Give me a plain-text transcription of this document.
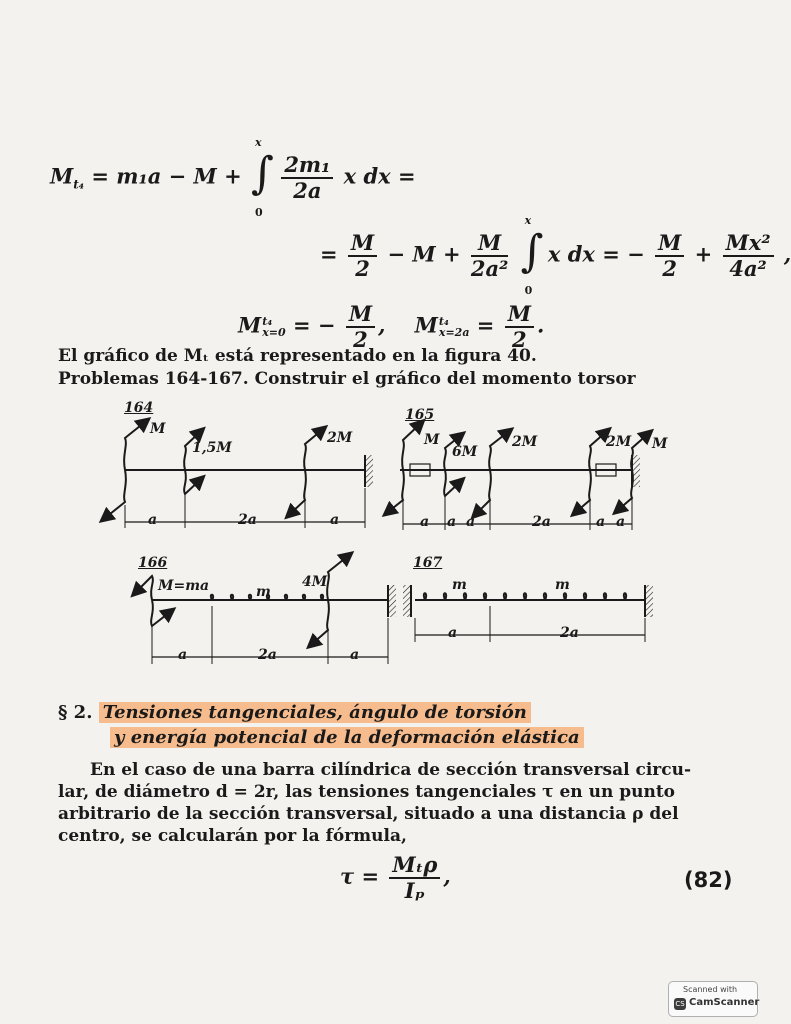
$M_{t_4} = m_1a - M$ +
x
∫
0

$\frac{\text{2m₁}}{2a}$ x dx =
= $\frac{M}{2} - M + \frac{M}{\text{2a²}}$

x
∫
0
x dx = − $\frac{M}{2} + \frac{\text{Mx²}}{\text{4a²}}$ ,
Mt₄
x=0 = − $\frac{M}{2}$ , Mt₄
$x=2a = \frac{M}{2}$ .
El gráfico de Mₜ está representado en la figura 40.
Problemas 164-167. Construir el gráfico del momento torsor
164	165
166	167
M
1,5M
2M
a	2a	a
M
6M
2M	2M M
a a a	2a	a a
M=ma	m
4M
a	2a	a
m	m
a	2a
§ 2. Tensiones tangenciales, ángulo de torsión
y energía potencial de la deformación elástica
En el caso de una barra cilíndrica de sección transversal circu-
lar, de diámetro d = 2r, las tensiones tangenciales τ en un punto
arbitrario de la sección transversal, situado a una distancia ρ del
centro, se calcularán por la fórmula,
$\tau = \frac{\text{Mₜρ}}{\text{Iₚ}}$ ,	(82)
Scanned with
CS CamScanner
